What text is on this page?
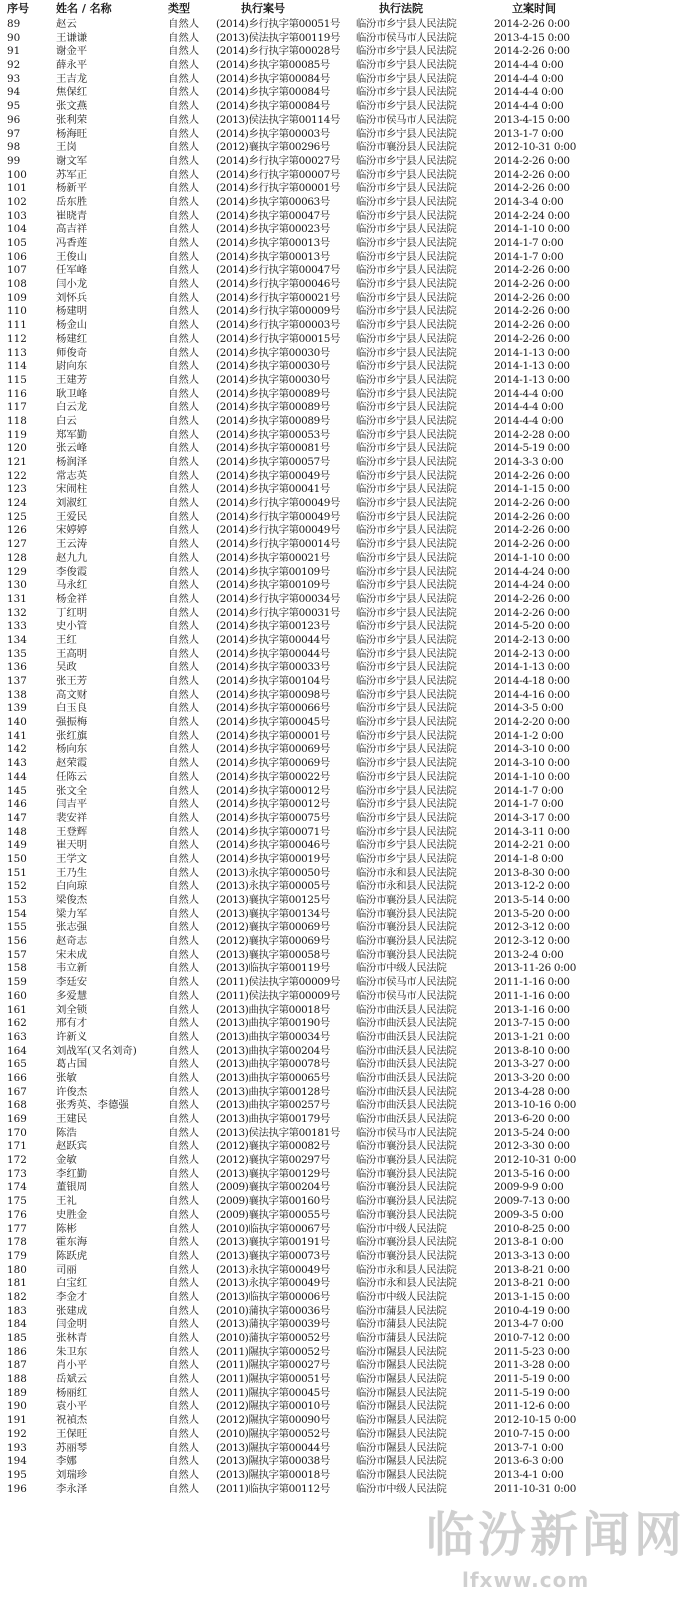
序号 姓名 / 名称	类型	执行案号	执行法院	立案时间
89	赵云	自然人 (2014)乡行执字第00051号 临汾市乡宁县人民法院	2014-2-26 0:00
90	王谦谦	自然人 (2013)侯法执字第00119号 临汾市侯马市人民法院	2013-4-15 0:00
91	谢金平	自然人 (2014)乡行执字第00028号 临汾市乡宁县人民法院	2014-2-26 0:00
92	薛永平	自然人 (2014)乡执字第00085号	临汾市乡宁县人民法院	2014-4-4 0:00
93	王吉龙	自然人 (2014)乡执字第00084号	临汾市乡宁县人民法院	2014-4-4 0:00
94	焦保红	自然人 (2014)乡执字第00084号	临汾市乡宁县人民法院	2014-4-4 0:00
95	张文燕	自然人 (2014)乡执字第00084号	临汾市乡宁县人民法院	2014-4-4 0:00
96	张利荣	自然人 (2013)侯法执字第00114号 临汾市侯马市人民法院	2013-4-15 0:00
97	杨海旺	自然人 (2014)乡执字第00003号	临汾市乡宁县人民法院	2013-1-7 0:00
98	王岗	自然人 (2012)襄执字第00296号	临汾市襄汾县人民法院	2012-10-31 0:00
99	谢文军	自然人 (2014)乡行执字第00027号 临汾市乡宁县人民法院	2014-2-26 0:00
100	苏军正	自然人 (2014)乡行执字第00007号 临汾市乡宁县人民法院	2014-2-26 0:00
101	杨新平	自然人 (2014)乡行执字第00001号 临汾市乡宁县人民法院	2014-2-26 0:00
102	岳东胜	自然人 (2014)乡执字第00063号	临汾市乡宁县人民法院	2014-3-4 0:00
103	崔晓青	自然人 (2014)乡执字第00047号	临汾市乡宁县人民法院	2014-2-24 0:00
104	高吉祥	自然人 (2014)乡执字第00023号	临汾市乡宁县人民法院	2014-1-10 0:00
105	冯香莲	自然人 (2014)乡执字第00013号	临汾市乡宁县人民法院	2014-1-7 0:00
106	王俊山	自然人 (2014)乡执字第00013号	临汾市乡宁县人民法院	2014-1-7 0:00
107	任军峰	自然人 (2014)乡行执字第00047号 临汾市乡宁县人民法院	2014-2-26 0:00
108	闫小龙	自然人 (2014)乡行执字第00046号 临汾市乡宁县人民法院	2014-2-26 0:00
109	刘怀兵	自然人 (2014)乡行执字第00021号 临汾市乡宁县人民法院	2014-2-26 0:00
110	杨建明	自然人 (2014)乡行执字第00009号 临汾市乡宁县人民法院	2014-2-26 0:00
111	杨金山	自然人 (2014)乡行执字第00003号 临汾市乡宁县人民法院	2014-2-26 0:00
112	杨建红	自然人 (2014)乡行执字第00015号 临汾市乡宁县人民法院	2014-2-26 0:00
113	师俊奇	自然人 (2014)乡执字第00030号	临汾市乡宁县人民法院	2014-1-13 0:00
114	尉向东	自然人 (2014)乡执字第00030号	临汾市乡宁县人民法院	2014-1-13 0:00
115	王建芳	自然人 (2014)乡执字第00030号	临汾市乡宁县人民法院	2014-1-13 0:00
116	耿卫峰	自然人 (2014)乡执字第00089号	临汾市乡宁县人民法院	2014-4-4 0:00
117	白云龙	自然人 (2014)乡执字第00089号	临汾市乡宁县人民法院	2014-4-4 0:00
118	白云	自然人 (2014)乡执字第00089号	临汾市乡宁县人民法院	2014-4-4 0:00
119	郑军勤	自然人 (2014)乡执字第00053号	临汾市乡宁县人民法院	2014-2-28 0:00
120	张云峰	自然人 (2014)乡执字第00081号	临汾市乡宁县人民法院	2014-5-19 0:00
121	杨润泽	自然人 (2014)乡执字第00057号	临汾市乡宁县人民法院	2014-3-3 0:00
122	常志英	自然人 (2014)乡执字第00049号	临汾市乡宁县人民法院	2014-2-26 0:00
123	宋闹柱	自然人 (2014)乡执字第00041号	临汾市乡宁县人民法院	2014-1-15 0:00
124	刘淑红	自然人 (2014)乡行执字第00049号 临汾市乡宁县人民法院	2014-2-26 0:00
125	王爱民	自然人 (2014)乡行执字第00049号 临汾市乡宁县人民法院	2014-2-26 0:00
126	宋婷婷	自然人 (2014)乡行执字第00049号 临汾市乡宁县人民法院	2014-2-26 0:00
127	王云涛	自然人 (2014)乡行执字第00014号 临汾市乡宁县人民法院	2014-2-26 0:00
128	赵九九	自然人 (2014)乡执字第00021号	临汾市乡宁县人民法院	2014-1-10 0:00
129	李俊霞	自然人 (2014)乡执字第00109号	临汾市乡宁县人民法院	2014-4-24 0:00
130	马永红	自然人 (2014)乡执字第00109号	临汾市乡宁县人民法院	2014-4-24 0:00
131	杨金祥	自然人 (2014)乡行执字第00034号 临汾市乡宁县人民法院	2014-2-26 0:00
132	丁红明	自然人 (2014)乡行执字第00031号 临汾市乡宁县人民法院	2014-2-26 0:00
133	史小管	自然人 (2014)乡执字第00123号	临汾市乡宁县人民法院	2014-5-20 0:00
134	王红	自然人 (2014)乡执字第00044号	临汾市乡宁县人民法院	2014-2-13 0:00
135	王高明	自然人 (2014)乡执字第00044号	临汾市乡宁县人民法院	2014-2-13 0:00
136	吴政	自然人 (2014)乡执字第00033号	临汾市乡宁县人民法院	2014-1-13 0:00
137	张王芳	自然人 (2014)乡执字第00104号	临汾市乡宁县人民法院	2014-4-18 0:00
138	高文财	自然人 (2014)乡执字第00098号	临汾市乡宁县人民法院	2014-4-16 0:00
139	白玉良	自然人 (2014)乡执字第00066号	临汾市乡宁县人民法院	2014-3-5 0:00
140	强振梅	自然人 (2014)乡执字第00045号	临汾市乡宁县人民法院	2014-2-20 0:00
141	张红旗	自然人 (2014)乡执字第00001号	临汾市乡宁县人民法院	2014-1-2 0:00
142	杨向东	自然人 (2014)乡执字第00069号	临汾市乡宁县人民法院	2014-3-10 0:00
143	赵荣霞	自然人 (2014)乡执字第00069号	临汾市乡宁县人民法院	2014-3-10 0:00
144	任陈云	自然人 (2014)乡执字第00022号	临汾市乡宁县人民法院	2014-1-10 0:00
145	张文全	自然人 (2014)乡执字第00012号	临汾市乡宁县人民法院	2014-1-7 0:00
146	闫吉平	自然人 (2014)乡执字第00012号	临汾市乡宁县人民法院	2014-1-7 0:00
147	裴安祥	自然人 (2014)乡执字第00075号	临汾市乡宁县人民法院	2014-3-17 0:00
148	王登辉	自然人 (2014)乡执字第00071号	临汾市乡宁县人民法院	2014-3-11 0:00
149	崔天明	自然人 (2014)乡执字第00046号	临汾市乡宁县人民法院	2014-2-21 0:00
150	王学文	自然人 (2014)乡执字第00019号	临汾市乡宁县人民法院	2014-1-8 0:00
151	王乃生	自然人 (2013)永执字第00050号	临汾市永和县人民法院	2013-8-30 0:00
152	白向琼	自然人 (2013)永执字第00005号	临汾市永和县人民法院	2013-12-2 0:00
153	梁俊杰	自然人 (2013)襄执字第00125号	临汾市襄汾县人民法院	2013-5-14 0:00
154	梁力军	自然人 (2013)襄执字第00134号	临汾市襄汾县人民法院	2013-5-20 0:00
155	张志强	自然人 (2012)襄执字第00069号	临汾市襄汾县人民法院	2012-3-12 0:00
156	赵奇志	自然人 (2012)襄执字第00069号	临汾市襄汾县人民法院	2012-3-12 0:00
157	宋未成	自然人 (2013)襄执字第00058号	临汾市襄汾县人民法院	2013-2-4 0:00
158	韦立新	自然人 (2013)临执字第00119号	临汾市中级人民法院	2013-11-26 0:00
159	李廷安	自然人 (2011)侯法执字第00009号 临汾市侯马市人民法院	2011-1-16 0:00
160	多爱慧	自然人 (2011)侯法执字第00009号 临汾市侯马市人民法院	2011-1-16 0:00
161	刘全锁	自然人 (2013)曲执字第00018号	临汾市曲沃县人民法院	2013-1-16 0:00
162	邢有才	自然人 (2013)曲执字第00190号	临汾市曲沃县人民法院	2013-7-15 0:00
163	许新义	自然人 (2013)曲执字第00034号	临汾市曲沃县人民法院	2013-1-21 0:00
164	刘战军(又名刘奇)	自然人 (2013)曲执字第00204号	临汾市曲沃县人民法院	2013-8-10 0:00
165	葛占国	自然人 (2013)曲执字第00078号	临汾市曲沃县人民法院	2013-3-27 0:00
166	张敏	自然人 (2013)曲执字第00065号	临汾市曲沃县人民法院	2013-3-20 0:00
167	许俊杰	自然人 (2013)曲执字第00128号	临汾市曲沃县人民法院	2013-4-28 0:00
168	张秀英、李德强	自然人 (2013)曲执字第00257号	临汾市曲沃县人民法院	2013-10-16 0:00
169	王建民	自然人 (2013)曲执字第00179号	临汾市曲沃县人民法院	2013-6-20 0:00
170	陈浩	自然人 (2013)侯法执字第00181号 临汾市侯马市人民法院	2013-5-24 0:00
171	赵跃宾	自然人 (2012)襄执字第00082号	临汾市襄汾县人民法院	2012-3-30 0:00
172	金敏	自然人 (2012)襄执字第00297号	临汾市襄汾县人民法院	2012-10-31 0:00
173	李红勤	自然人 (2013)襄执字第00129号	临汾市襄汾县人民法院	2013-5-16 0:00
174	董银周	自然人 (2009)襄执字第00204号	临汾市襄汾县人民法院	2009-9-9 0:00
175	王礼	自然人 (2009)襄执字第00160号	临汾市襄汾县人民法院	2009-7-13 0:00
176	史胜金	自然人 (2009)襄执字第00055号	临汾市襄汾县人民法院	2009-3-5 0:00
177	陈彬	自然人 (2010)临执字第00067号	临汾市中级人民法院	2010-8-25 0:00
178	霍东海	自然人 (2013)襄执字第00191号	临汾市襄汾县人民法院	2013-8-1 0:00
179	陈跃虎	自然人 (2013)襄执字第00073号	临汾市襄汾县人民法院	2013-3-13 0:00
180	司丽	自然人 (2013)永执字第00049号	临汾市永和县人民法院	2013-8-21 0:00
181	白宝红	自然人 (2013)永执字第00049号	临汾市永和县人民法院	2013-8-21 0:00
182	李金才	自然人 (2013)临执字第00006号	临汾市中级人民法院	2013-1-15 0:00
183	张建成	自然人 (2010)蒲执字第00036号	临汾市蒲县人民法院	2010-4-19 0:00
184	闫金明	自然人 (2013)蒲执字第00039号	临汾市蒲县人民法院	2013-4-7 0:00
185	张林青	自然人 (2010)蒲执字第00052号	临汾市蒲县人民法院	2010-7-12 0:00
186	朱卫东	自然人 (2011)隰执字第00052号	临汾市隰县人民法院	2011-5-23 0:00
187	肖小平	自然人 (2011)隰执字第00027号	临汾市隰县人民法院	2011-3-28 0:00
188	岳斌云	自然人 (2011)隰执字第00051号	临汾市隰县人民法院	2011-5-19 0:00
189	杨丽红	自然人 (2011)隰执字第00045号	临汾市隰县人民法院	2011-5-19 0:00
190	袁小平	自然人 (2012)隰执字第00010号	临汾市隰县人民法院	2011-12-6 0:00
191	祝禎杰	自然人 (2012)隰执字第00090号	临汾市隰县人民法院	2012-10-15 0:00
192	王保旺	自然人 (2010)隰执字第00052号	临汾市隰县人民法院	2010-7-15 0:00
193	苏丽琴	自然人 (2013)隰执字第00044号	临汾市隰县人民法院	2013-7-1 0:00
194	李娜	自然人 (2013)隰执字第00038号	临汾市隰县人民法院	2013-6-3 0:00
195	刘瑞珍	自然人 (2013)隰执字第00018号	临汾市隰县人民法院	2013-4-1 0:00
196	李永泽	自然人 (2011)临执字第00112号	临汾市中级人民法院	2011-10-31 0:00
临汾新闻网
lfxww.com
